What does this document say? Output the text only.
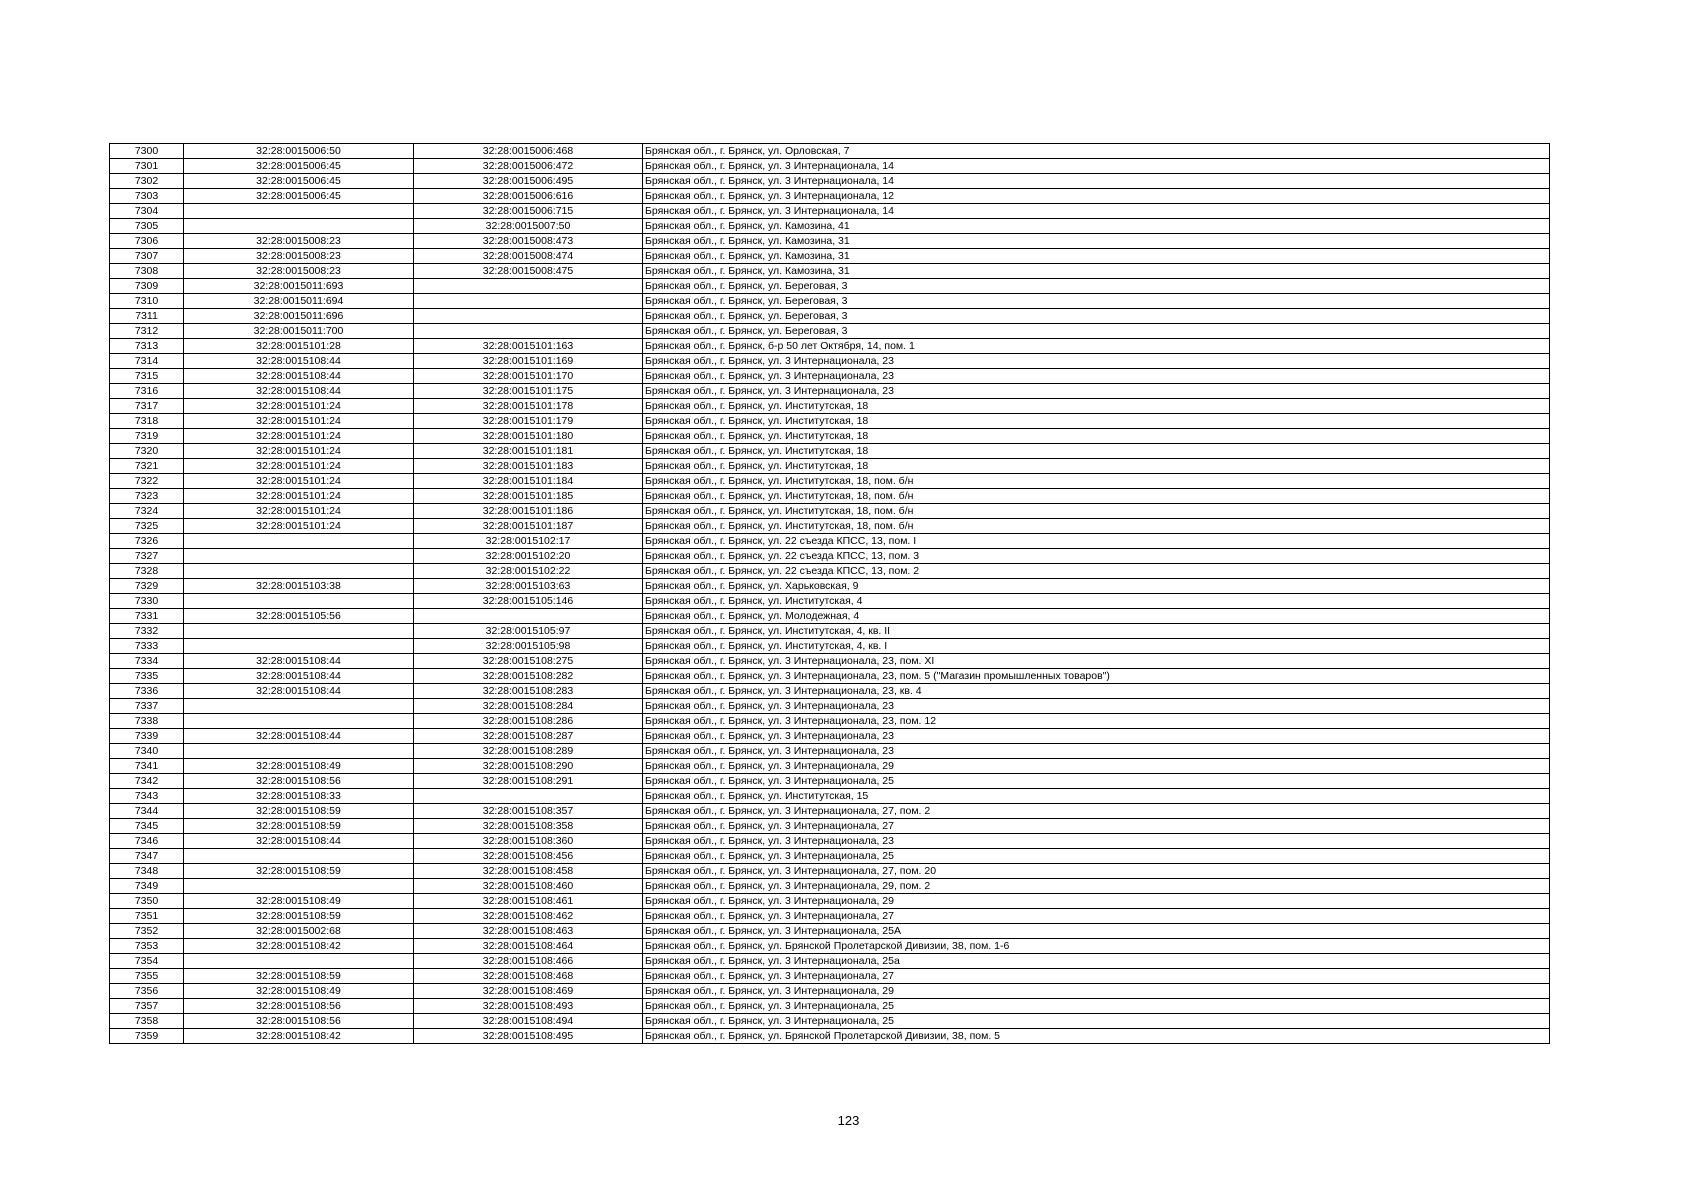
7300	32:28:0015006:50	32:28:0015006:468	Брянская обл., г. Брянск, ул. Орловская, 7
7301	32:28:0015006:45	32:28:0015006:472	Брянская обл., г. Брянск, ул. 3 Интернационала, 14
7302	32:28:0015006:45	32:28:0015006:495	Брянская обл., г. Брянск, ул. 3 Интернационала, 14
7303	32:28:0015006:45	32:28:0015006:616	Брянская обл., г. Брянск, ул. 3 Интернационала, 12
7304		32:28:0015006:715	Брянская обл., г. Брянск, ул. 3 Интернационала, 14
7305		32:28:0015007:50	Брянская обл., г. Брянск, ул. Камозина, 41
7306	32:28:0015008:23	32:28:0015008:473	Брянская обл., г. Брянск, ул. Камозина, 31
7307	32:28:0015008:23	32:28:0015008:474	Брянская обл., г. Брянск, ул. Камозина, 31
7308	32:28:0015008:23	32:28:0015008:475	Брянская обл., г. Брянск, ул. Камозина, 31
7309	32:28:0015011:693		Брянская обл., г. Брянск, ул. Береговая, 3
7310	32:28:0015011:694		Брянская обл., г. Брянск, ул. Береговая, 3
7311	32:28:0015011:696		Брянская обл., г. Брянск, ул. Береговая, 3
7312	32:28:0015011:700		Брянская обл., г. Брянск, ул. Береговая, 3
7313	32:28:0015101:28	32:28:0015101:163	Брянская обл., г. Брянск, б-р 50 лет Октября, 14, пом. 1
7314	32:28:0015108:44	32:28:0015101:169	Брянская обл., г. Брянск, ул. 3 Интернационала, 23
7315	32:28:0015108:44	32:28:0015101:170	Брянская обл., г. Брянск, ул. 3 Интернационала, 23
7316	32:28:0015108:44	32:28:0015101:175	Брянская обл., г. Брянск, ул. 3 Интернационала, 23
7317	32:28:0015101:24	32:28:0015101:178	Брянская обл., г. Брянск, ул. Институтская, 18
7318	32:28:0015101:24	32:28:0015101:179	Брянская обл., г. Брянск, ул. Институтская, 18
7319	32:28:0015101:24	32:28:0015101:180	Брянская обл., г. Брянск, ул. Институтская, 18
7320	32:28:0015101:24	32:28:0015101:181	Брянская обл., г. Брянск, ул. Институтская, 18
7321	32:28:0015101:24	32:28:0015101:183	Брянская обл., г. Брянск, ул. Институтская, 18
7322	32:28:0015101:24	32:28:0015101:184	Брянская обл., г. Брянск, ул. Институтская, 18, пом. б/н
7323	32:28:0015101:24	32:28:0015101:185	Брянская обл., г. Брянск, ул. Институтская, 18, пом. б/н
7324	32:28:0015101:24	32:28:0015101:186	Брянская обл., г. Брянск, ул. Институтская, 18, пом. б/н
7325	32:28:0015101:24	32:28:0015101:187	Брянская обл., г. Брянск, ул. Институтская, 18, пом. б/н
7326		32:28:0015102:17	Брянская обл., г. Брянск, ул. 22 съезда КПСС, 13, пом. I
7327		32:28:0015102:20	Брянская обл., г. Брянск, ул. 22 съезда КПСС, 13, пом. 3
7328		32:28:0015102:22	Брянская обл., г. Брянск, ул. 22 съезда КПСС, 13, пом. 2
7329	32:28:0015103:38	32:28:0015103:63	Брянская обл., г. Брянск, ул. Харьковская, 9
7330		32:28:0015105:146	Брянская обл., г. Брянск, ул. Институтская, 4
7331	32:28:0015105:56		Брянская обл., г. Брянск, ул. Молодежная, 4
7332		32:28:0015105:97	Брянская обл., г. Брянск, ул. Институтская, 4, кв. II
7333		32:28:0015105:98	Брянская обл., г. Брянск, ул. Институтская, 4, кв. I
7334	32:28:0015108:44	32:28:0015108:275	Брянская обл., г. Брянск, ул. 3 Интернационала, 23, пом. XI
7335	32:28:0015108:44	32:28:0015108:282	Брянская обл., г. Брянск, ул. 3 Интернационала, 23, пом. 5 ("Магазин промышленных товаров")
7336	32:28:0015108:44	32:28:0015108:283	Брянская обл., г. Брянск, ул. 3 Интернационала, 23, кв. 4
7337		32:28:0015108:284	Брянская обл., г. Брянск, ул. 3 Интернационала, 23
7338		32:28:0015108:286	Брянская обл., г. Брянск, ул. 3 Интернационала, 23, пом. 12
7339	32:28:0015108:44	32:28:0015108:287	Брянская обл., г. Брянск, ул. 3 Интернационала, 23
7340		32:28:0015108:289	Брянская обл., г. Брянск, ул. 3 Интернационала, 23
7341	32:28:0015108:49	32:28:0015108:290	Брянская обл., г. Брянск, ул. 3 Интернационала, 29
7342	32:28:0015108:56	32:28:0015108:291	Брянская обл., г. Брянск, ул. 3 Интернационала, 25
7343	32:28:0015108:33		Брянская обл., г. Брянск, ул. Институтская, 15
7344	32:28:0015108:59	32:28:0015108:357	Брянская обл., г. Брянск, ул. 3 Интернационала, 27, пом. 2
7345	32:28:0015108:59	32:28:0015108:358	Брянская обл., г. Брянск, ул. 3 Интернационала, 27
7346	32:28:0015108:44	32:28:0015108:360	Брянская обл., г. Брянск, ул. 3 Интернационала, 23
7347		32:28:0015108:456	Брянская обл., г. Брянск, ул. 3 Интернационала, 25
7348	32:28:0015108:59	32:28:0015108:458	Брянская обл., г. Брянск, ул. 3 Интернационала, 27, пом. 20
7349		32:28:0015108:460	Брянская обл., г. Брянск, ул. 3 Интернационала, 29, пом. 2
7350	32:28:0015108:49	32:28:0015108:461	Брянская обл., г. Брянск, ул. 3 Интернационала, 29
7351	32:28:0015108:59	32:28:0015108:462	Брянская обл., г. Брянск, ул. 3 Интернационала, 27
7352	32:28:0015002:68	32:28:0015108:463	Брянская обл., г. Брянск, ул. 3 Интернационала, 25А
7353	32:28:0015108:42	32:28:0015108:464	Брянская обл., г. Брянск, ул. Брянской Пролетарской Дивизии, 38, пом. 1-6
7354		32:28:0015108:466	Брянская обл., г. Брянск, ул. 3 Интернационала, 25а
7355	32:28:0015108:59	32:28:0015108:468	Брянская обл., г. Брянск, ул. 3 Интернационала, 27
7356	32:28:0015108:49	32:28:0015108:469	Брянская обл., г. Брянск, ул. 3 Интернационала, 29
7357	32:28:0015108:56	32:28:0015108:493	Брянская обл., г. Брянск, ул. 3 Интернационала, 25
7358	32:28:0015108:56	32:28:0015108:494	Брянская обл., г. Брянск, ул. 3 Интернационала, 25
7359	32:28:0015108:42	32:28:0015108:495	Брянская обл., г. Брянск, ул. Брянской Пролетарской Дивизии, 38, пом. 5
123
